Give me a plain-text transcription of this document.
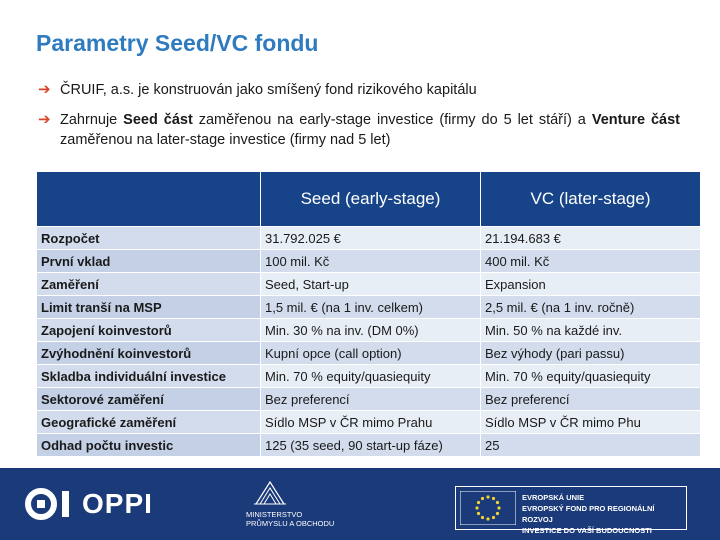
Parametry Seed/VC fondu
➔ ČRUIF, a.s. je konstruován jako smíšený fond rizikového kapitálu
➔ Zahrnuje Seed část zaměřenou na early-stage investice (firmy do 5 let stáří) a Venture část zaměřenou na later-stage investice (firmy nad 5 let)
	Seed (early-stage)	VC (later-stage)
Rozpočet	31.792.025 €	21.194.683 €
První vklad	100 mil. Kč	400 mil. Kč
Zaměření	Seed, Start-up	Expansion
Limit tranší na MSP	1,5 mil. € (na 1 inv. celkem)	2,5 mil. € (na 1 inv. ročně)
Zapojení koinvestorů	Min. 30 % na inv. (DM 0%)	Min. 50 % na každé inv.
Zvýhodnění koinvestorů	Kupní opce (call option)	Bez výhody (pari passu)
Skladba individuální investice	Min. 70 % equity/quasiequity	Min. 70 % equity/quasiequity
Sektorové zaměření	Bez preferencí	Bez preferencí
Geografické zaměření	Sídlo MSP v ČR mimo Prahu	Sídlo MSP v ČR mimo Phu
Odhad počtu investic	125 (35 seed, 90 start-up fáze)	25
OPPI	MINISTERSTVO
PRŮMYSLU A OBCHODU
EVROPSKÁ UNIE
EVROPSKÝ FOND PRO REGIONÁLNÍ ROZVOJ
INVESTICE DO VAŠÍ BUDOUCNOSTI
